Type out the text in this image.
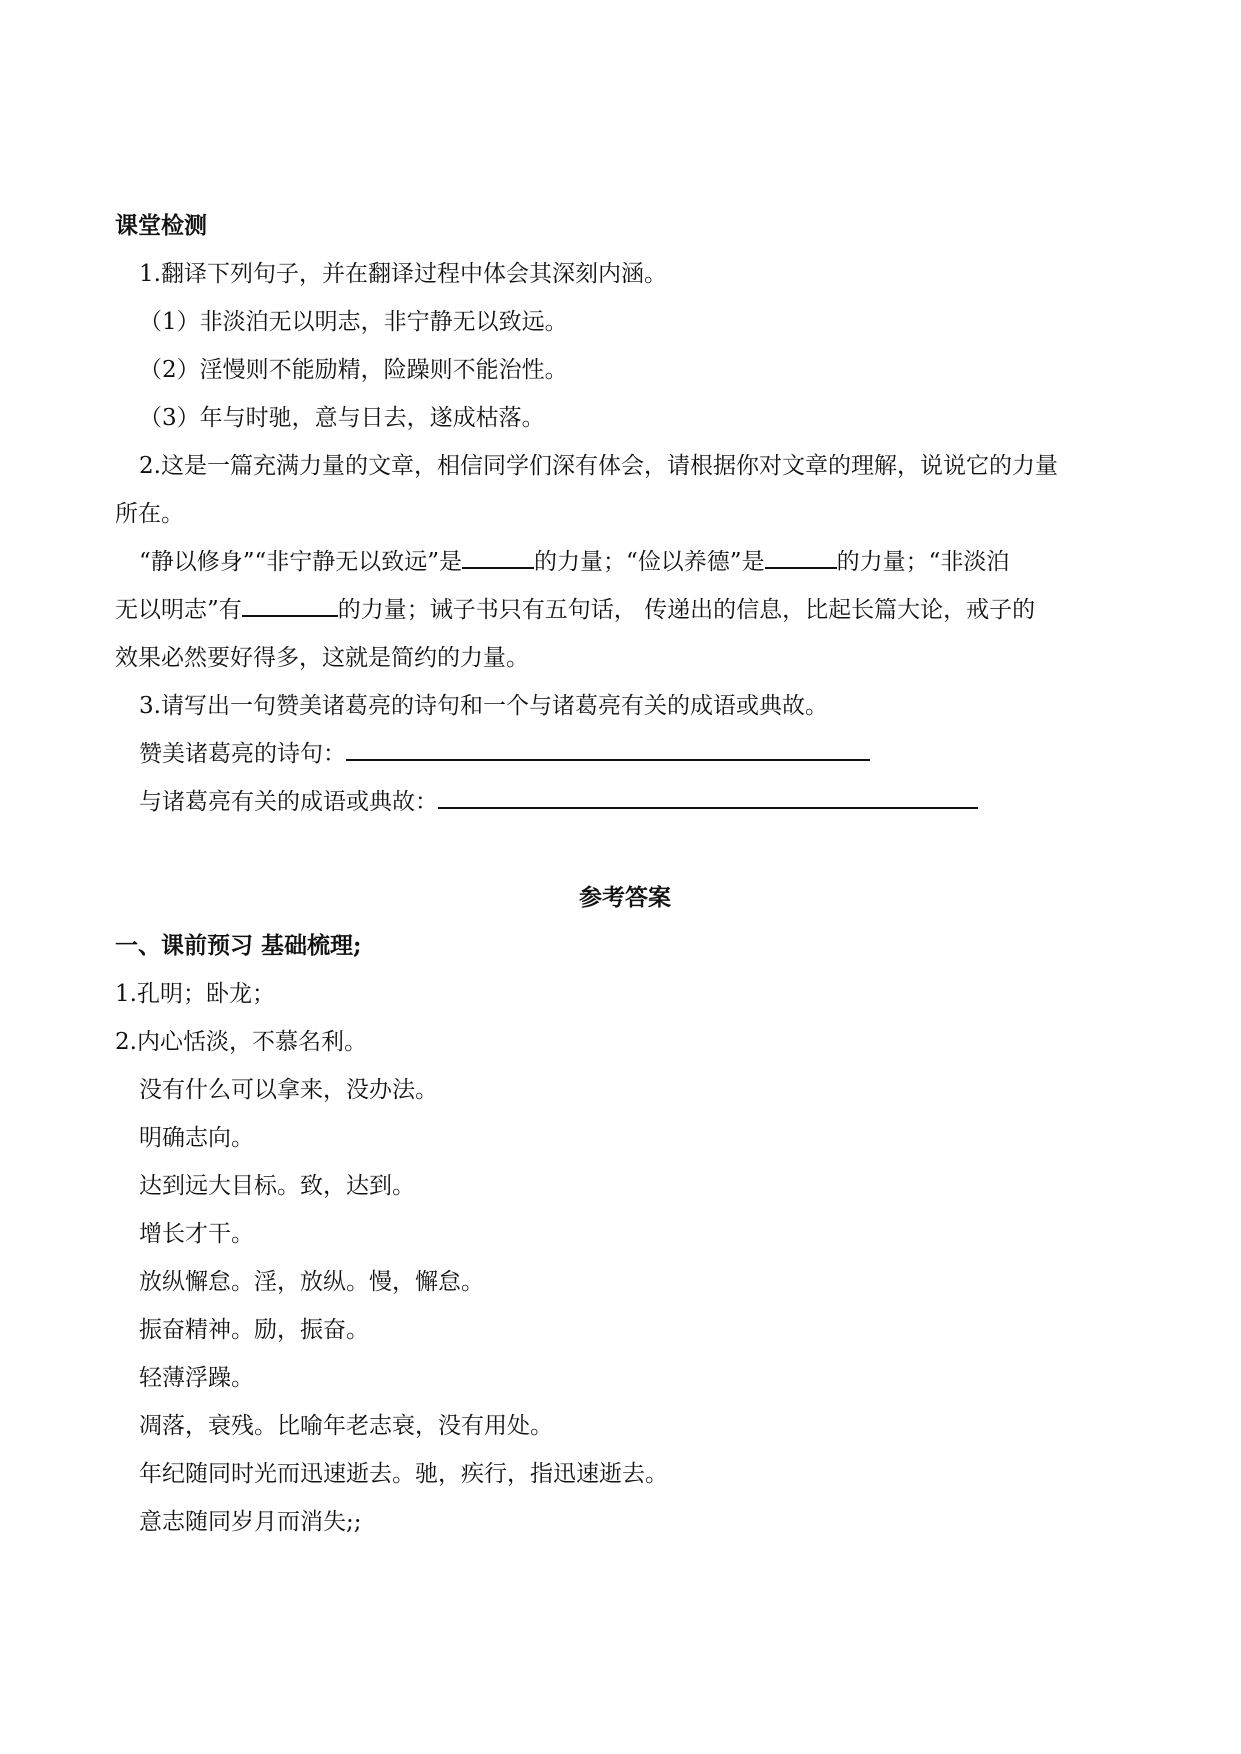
课堂检测
1.翻译下列句子，并在翻译过程中体会其深刻内涵。
（1）非淡泊无以明志，非宁静无以致远。
（2）淫慢则不能励精，险躁则不能治性。
（3）年与时驰，意与日去，遂成枯落。
2.这是一篇充满力量的文章，相信同学们深有体会，请根据你对文章的理解，说说它的力量
所在。
“静以修身”“非宁静无以致远”是	的力量；“俭以养德”是	的力量；“非淡泊
无以明志”有	的力量；诫子书只有五句话， 传递出的信息，比起长篇大论，戒子的
效果必然要好得多，这就是简约的力量。
3.请写出一句赞美诸葛亮的诗句和一个与诸葛亮有关的成语或典故。
赞美诸葛亮的诗句：
与诸葛亮有关的成语或典故：
参考答案
一、课前预习 基础梳理;
1.孔明；卧龙；
2.内心恬淡，不慕名利。
没有什么可以拿来，没办法。
明确志向。
达到远大目标。致，达到。
增长才干。
放纵懈怠。淫，放纵。慢，懈怠。
振奋精神。励，振奋。
轻薄浮躁。
凋落，衰残。比喻年老志衰，没有用处。
年纪随同时光而迅速逝去。驰，疾行，指迅速逝去。
意志随同岁月而消失;;
